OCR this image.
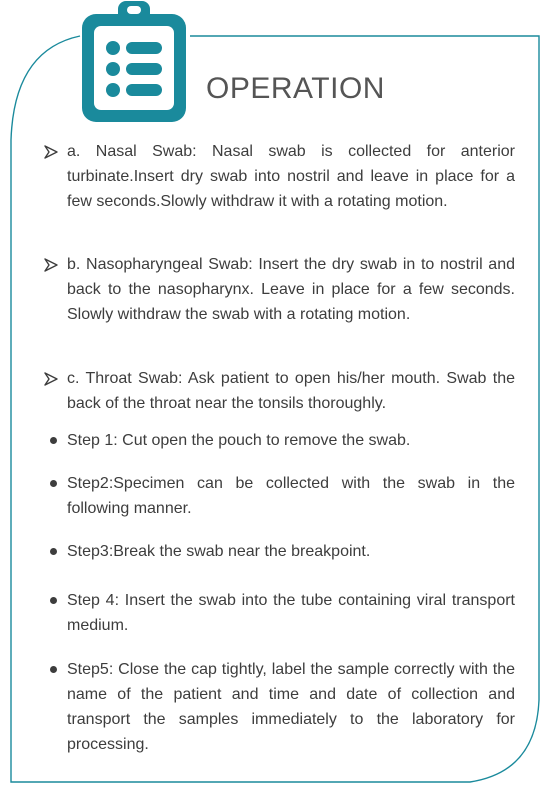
OPERATION
a. Nasal Swab: Nasal swab is collected for anterior turbinate.Insert dry swab into nostril and leave in place for a few seconds.Slowly withdraw it with a rotating motion.
b. Nasopharyngeal Swab: Insert the dry swab in to nostril and back to the nasopharynx. Leave in place for a few seconds. Slowly withdraw the swab with a rotating motion.
c. Throat Swab: Ask patient to open his/her mouth. Swab the back of the throat near the tonsils thoroughly.
Step 1: Cut open the pouch to remove the swab.
Step2:Specimen can be collected with the swab in the following manner.
Step3:Break the swab near the breakpoint.
Step 4: Insert the swab into the tube containing viral transport medium.
Step5: Close the cap tightly, label the sample correctly with the name of the patient and time and date of collection and transport the samples immediately to the laboratory for processing.
